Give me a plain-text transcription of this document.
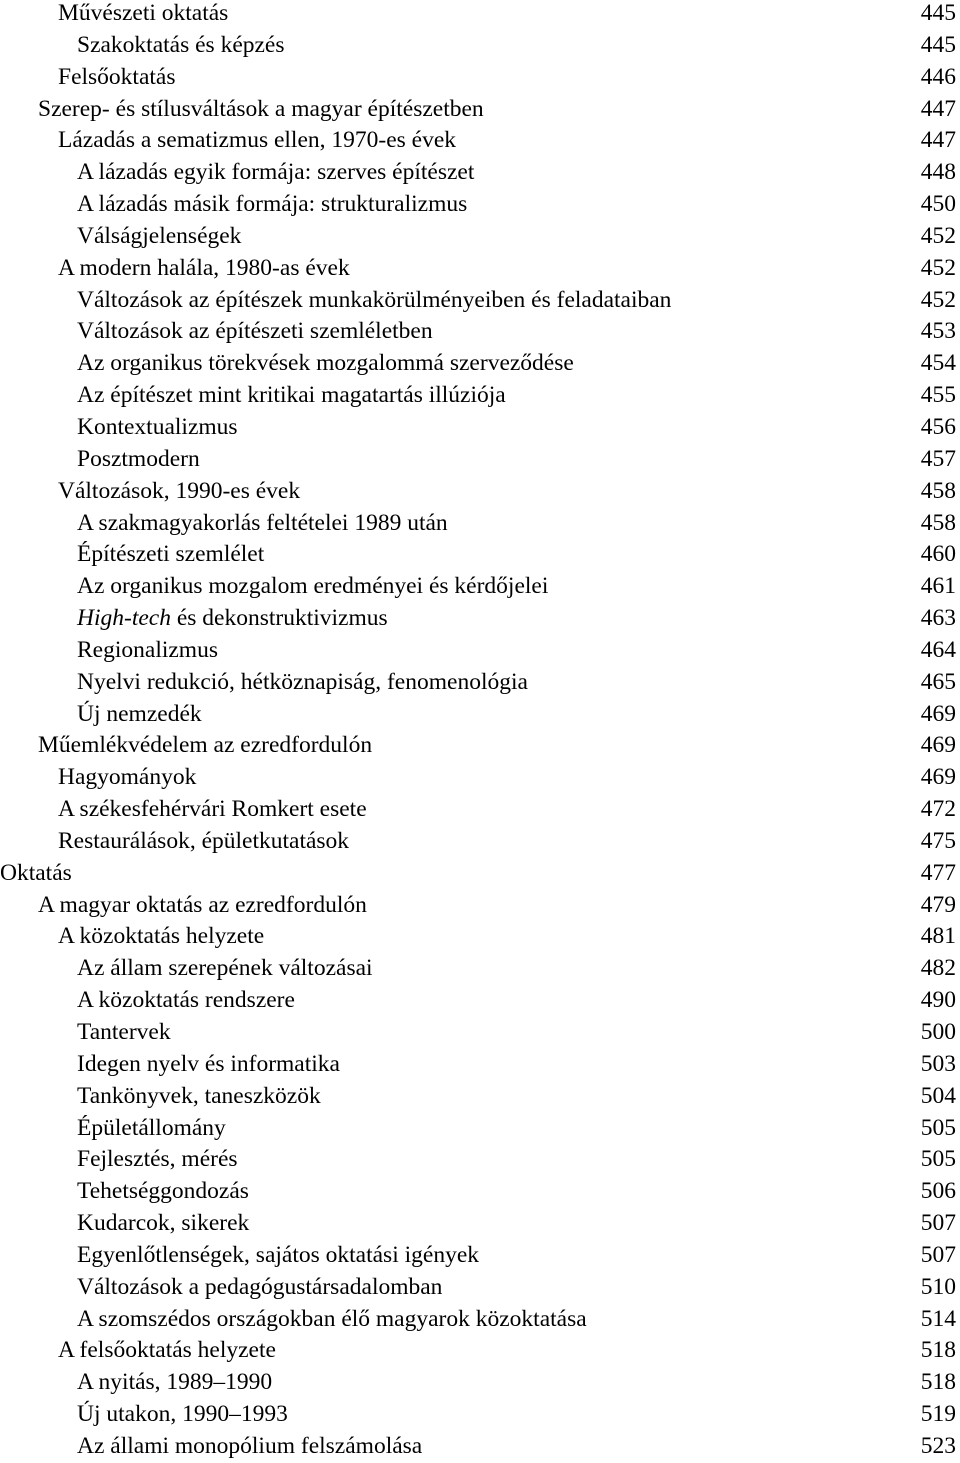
Művészeti oktatás	445
Szakoktatás és képzés	445
Felsőoktatás	446
Szerep- és stílusváltások a magyar építészetben	447
Lázadás a sematizmus ellen, 1970-es évek	447
A lázadás egyik formája: szerves építészet	448
A lázadás másik formája: strukturalizmus	450
Válságjelenségek	452
A modern halála, 1980-as évek	452
Változások az építészek munkakörülményeiben és feladataiban	452
Változások az építészeti szemléletben	453
Az organikus törekvések mozgalommá szerveződése	454
Az építészet mint kritikai magatartás illúziója	455
Kontextualizmus	456
Posztmodern	457
Változások, 1990-es évek	458
A szakmagyakorlás feltételei 1989 után	458
Építészeti szemlélet	460
Az organikus mozgalom eredményei és kérdőjelei	461
High-tech és dekonstruktivizmus	463
Regionalizmus	464
Nyelvi redukció, hétköznapiság, fenomenológia	465
Új nemzedék	469
Műemlékvédelem az ezredfordulón	469
Hagyományok	469
A székesfehérvári Romkert esete	472
Restaurálások, épületkutatások	475
Oktatás	477
A magyar oktatás az ezredfordulón	479
A közoktatás helyzete	481
Az állam szerepének változásai	482
A közoktatás rendszere	490
Tantervek	500
Idegen nyelv és informatika	503
Tankönyvek, taneszközök	504
Épületállomány	505
Fejlesztés, mérés	505
Tehetséggondozás	506
Kudarcok, sikerek	507
Egyenlőtlenségek, sajátos oktatási igények	507
Változások a pedagógustársadalomban	510
A szomszédos országokban élő magyarok közoktatása	514
A felsőoktatás helyzete	518
A nyitás, 1989–1990	518
Új utakon, 1990–1993	519
Az állami monopólium felszámolása	523
